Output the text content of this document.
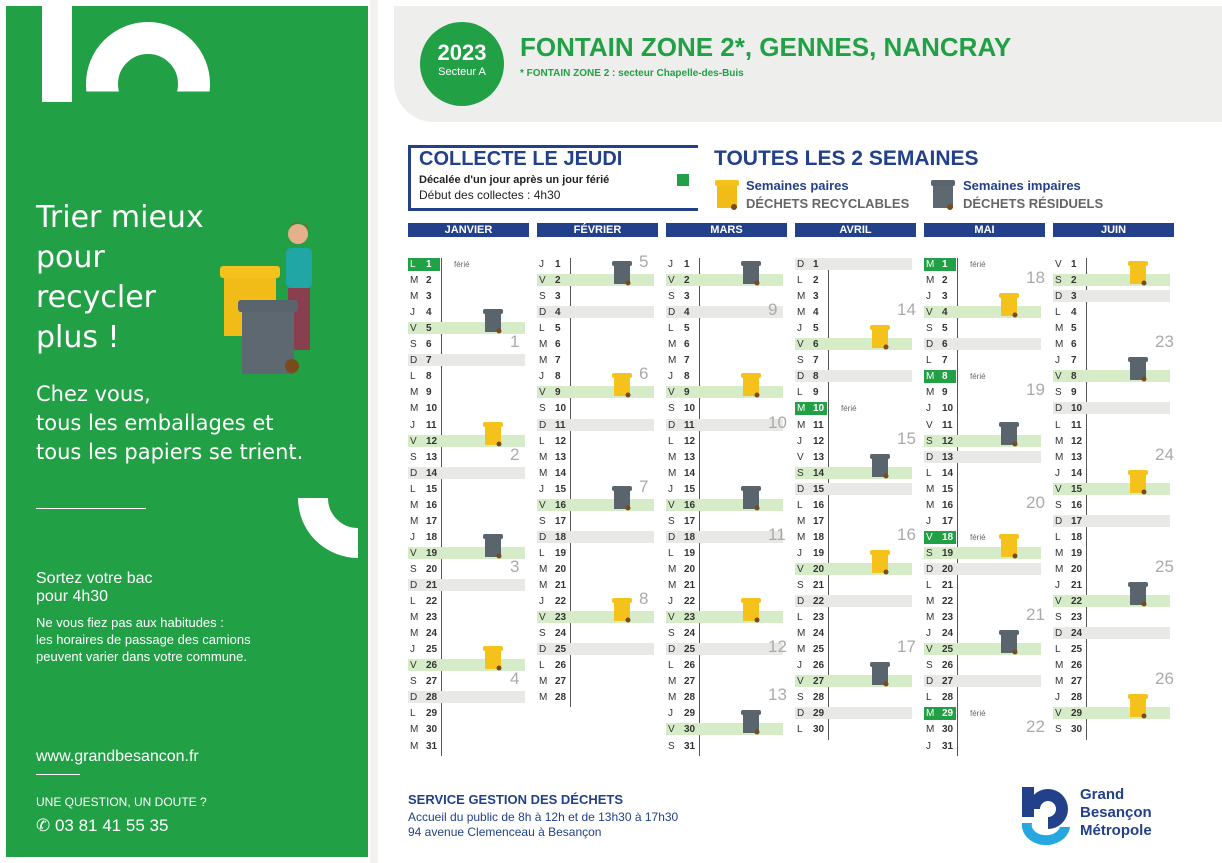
Trier mieux
pour
recycler
plus !
Chez vous,
tous les emballages et
tous les papiers se trient.
Sortez votre bac
pour 4h30
Ne vous fiez pas aux habitudes :
les horaires de passage des camions
peuvent varier dans votre commune.
www.grandbesancon.fr
UNE QUESTION, UN DOUTE ?
✆ 03 81 41 55 35
2023
Secteur A
FONTAIN ZONE 2*, GENNES, NANCRAY
* FONTAIN ZONE 2 : secteur Chapelle-des-Buis
COLLECTE LE JEUDI
Décalée d'un jour après un jour férié
Début des collectes : 4h30
TOUTES LES 2 SEMAINES
Semaines paires
DÉCHETS RECYCLABLES
Semaines impaires
DÉCHETS RÉSIDUELS
JANVIER
férié
L	1
M 2
M 3
J	4
V 5
S 6
D 7
L	8
M 9
M 10
J	11
V 12
S 13
D 14
L	15
M 16
M 17
J	18
V 19
S 20
D 21
L	22
M 23
M 24
J	25
V 26
S 27
D 28
L	29
M 30
M 31
FÉVRIER
J	1
V 2
S 3
D 4
L	5
M 6
M 7
J	8
V 9
S 10
D 11
L	12
M 13
M 14
J	15
V 16
S 17
D 18
L	19
M 20
M 21
J	22
V 23
S 24
D 25
L	26
M 27
M 28
MARS
J	1
V 2
S 3
D 4
L	5
M 6
M 7
J	8
V 9
S 10
D 11
L	12
M 13
M 14
J	15
V 16
S 17
D 18
L	19
M 20
M 21
J	22
V 23
S 24
D 25
L	26
M 27
M 28
J	29
V 30
S 31
AVRIL
D 1
L	2
M 3
M 4
J	5
V 6
S 7
D 8
L	9
férié
M 10
M 11
J	12
V 13
S 14
D 15
L	16
M 17
M 18
J	19
V 20
S 21
D 22
L	23
M 24
M 25
J	26
V 27
S 28
D 29
L	30
MAI
férié
M 1
M 2
J	3
V 4
S 5
D 6
L	7
férié
M 8
M 9
J	10
V 11
S 12
D 13
L	14
M 15
M 16
J	17
férié
V 18
S 19
D 20
L	21
M 22
M 23
J	24
V 25
S 26
D 27
L	28
férié
M 29
M 30
J	31
JUIN
V 1
S 2
D 3
L	4
M 5
M 6
J	7
V 8
S 9
D 10
L	11
M 12
M 13
J	14
V 15
S 16
D 17
L	18
M 19
M 20
J	21
V 22
S 23
D 24
L	25
M 26
M 27
J	28
V 29
S 30
1
2
3
4
5
6
7
8
9
10
11
12
13
14
15
16
17
18
19
20
21
22
23
24
25
26
SERVICE GESTION DES DÉCHETS
Accueil du public de 8h à 12h et de 13h30 à 17h30
94 avenue Clemenceau à Besançon
Grand
Besançon
Métropole
